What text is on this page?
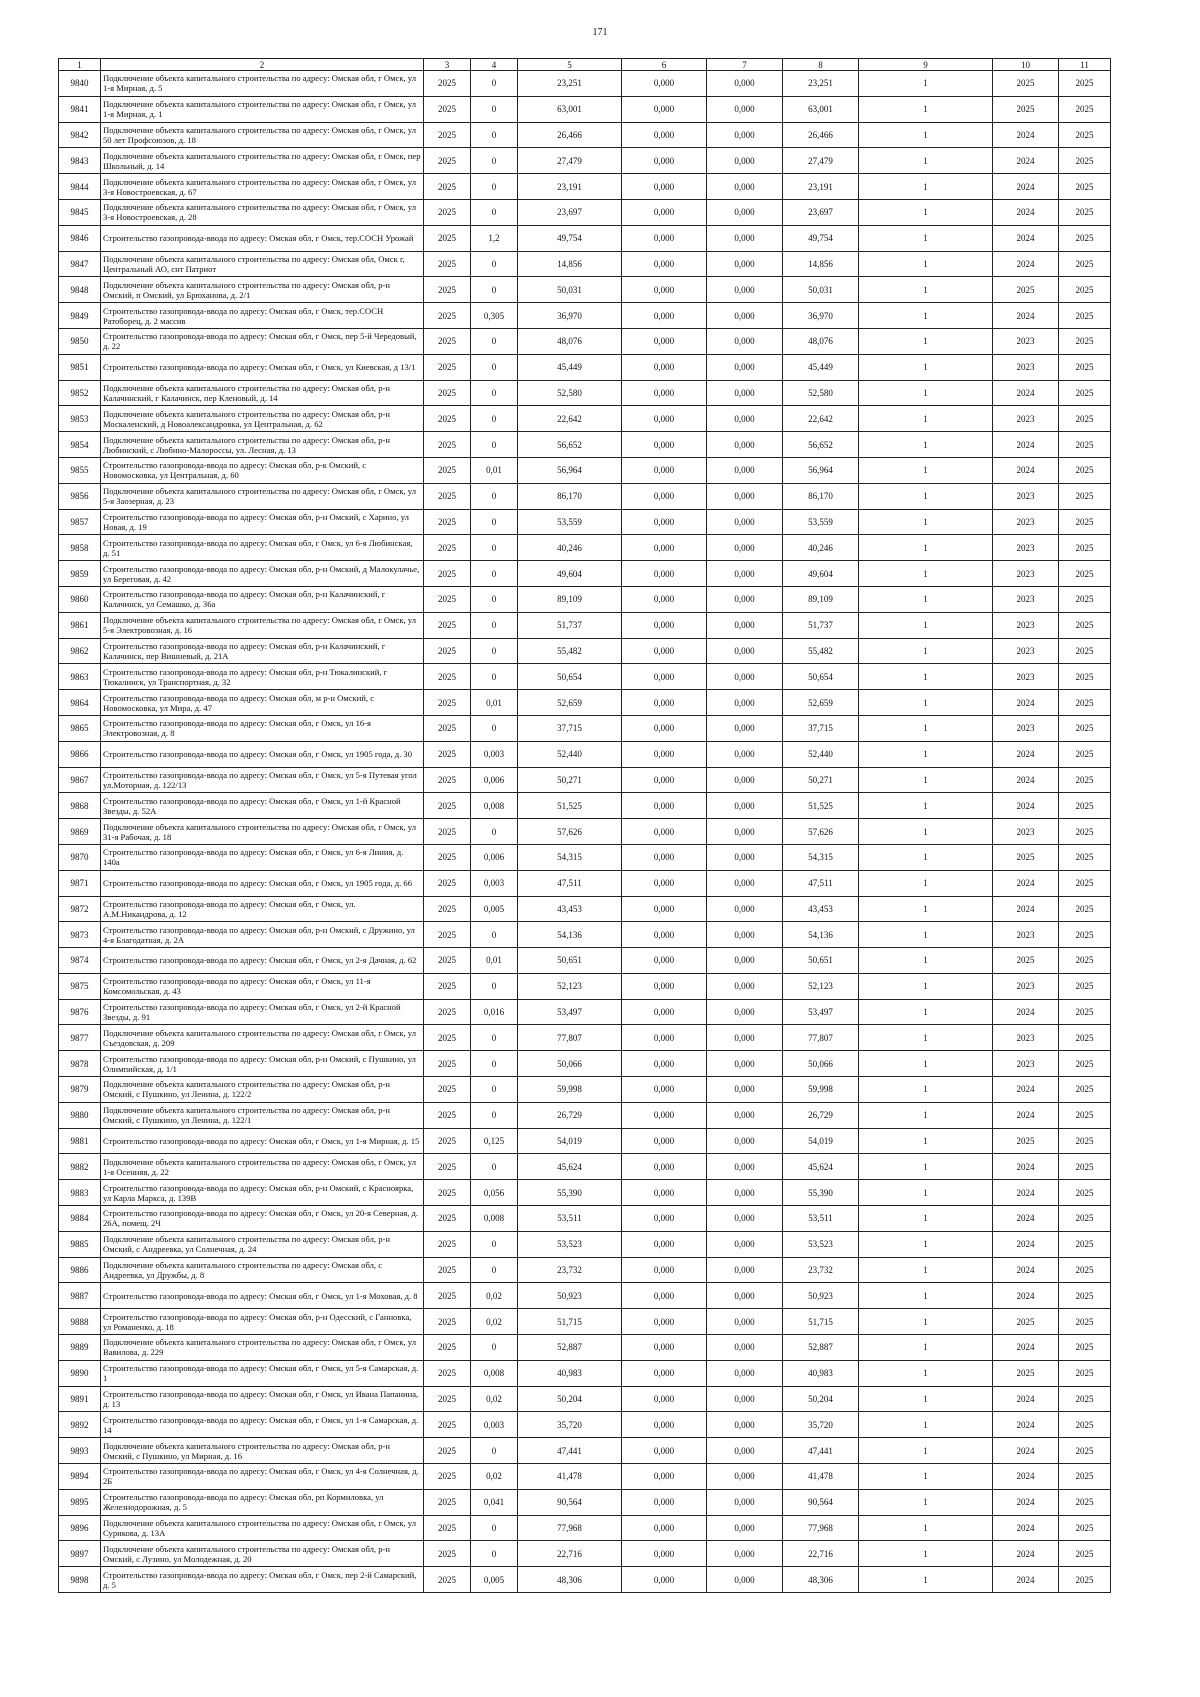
171
1	2	3	4	5	6	7	8	9	10	11
9840	Подключение объекта капитального строительства по адресу: Омская обл, г Омск, ул 1-я Мирная, д. 5	2025	0	23,251	0,000	0,000	23,251	1	2025	2025
9841	Подключение объекта капитального строительства по адресу: Омская обл, г Омск, ул 1-я Мирная, д. 1	2025	0	63,001	0,000	0,000	63,001	1	2025	2025
9842	Подключение объекта капитального строительства по адресу: Омская обл, г Омск, ул 50 лет Профсоюзов, д. 18	2025	0	26,466	0,000	0,000	26,466	1	2024	2025
9843	Подключение объекта капитального строительства по адресу: Омская обл, г Омск, пер Школьный, д. 14	2025	0	27,479	0,000	0,000	27,479	1	2024	2025
9844	Подключение объекта капитального строительства по адресу: Омская обл, г Омск, ул 3-я Новостроевская, д. 67	2025	0	23,191	0,000	0,000	23,191	1	2024	2025
9845	Подключение объекта капитального строительства по адресу: Омская обл, г Омск, ул 3-я Новостроевская, д. 28	2025	0	23,697	0,000	0,000	23,697	1	2024	2025
9846	Строительство газопровода-ввода по адресу: Омская обл, г Омск, тер.СОСН Урожай	2025	1,2	49,754	0,000	0,000	49,754	1	2024	2025
9847	Подключение объекта капитального строительства по адресу: Омская обл, Омск г, Центральный АО, снт Патриот	2025	0	14,856	0,000	0,000	14,856	1	2024	2025
9848	Подключение объекта капитального строительства по адресу: Омская обл, р-н Омский, п Омский, ул Брюханова, д. 2/1	2025	0	50,031	0,000	0,000	50,031	1	2025	2025
9849	Строительство газопровода-ввода по адресу: Омская обл, г Омск, тер.СОСН Ратоборец, д. 2 массив	2025	0,305	36,970	0,000	0,000	36,970	1	2024	2025
9850	Строительство газопровода-ввода по адресу: Омская обл, г Омск, пер 5-й Чередовый, д. 22	2025	0	48,076	0,000	0,000	48,076	1	2023	2025
9851	Строительство газопровода-ввода по адресу: Омская обл, г Омск, ул Киевская, д 13/1	2025	0	45,449	0,000	0,000	45,449	1	2023	2025
9852	Подключение объекта капитального строительства по адресу: Омская обл, р-н Калачинский, г Калачинск, пер Кленовый, д. 14	2025	0	52,580	0,000	0,000	52,580	1	2024	2025
9853	Подключение объекта капитального строительства по адресу: Омская обл, р-н Москаленский, д Новоалександровка, ул Центральная, д. 62	2025	0	22,642	0,000	0,000	22,642	1	2023	2025
9854	Подключение объекта капитального строительства по адресу: Омская обл, р-н Любинский, с Любино-Малороссы, ул. Лесная, д. 13	2025	0	56,652	0,000	0,000	56,652	1	2024	2025
9855	Строительство газопровода-ввода по адресу: Омская обл, р-к Омский, с Новомосковка, ул Центральная, д. 60	2025	0,01	56,964	0,000	0,000	56,964	1	2024	2025
9856	Подключение объекта капитального строительства по адресу: Омская обл, г Омск, ул 5-я Заозерная, д. 23	2025	0	86,170	0,000	0,000	86,170	1	2023	2025
9857	Строительство газопровода-ввода по адресу: Омская обл, р-н Омский, с Харино, ул Новая, д. 19	2025	0	53,559	0,000	0,000	53,559	1	2023	2025
9858	Строительство газопровода-ввода по адресу: Омская обл, г Омск, ул 6-я Любинская, д. 51	2025	0	40,246	0,000	0,000	40,246	1	2023	2025
9859	Строительство газопровода-ввода по адресу: Омская обл, р-н Омский, д Малокулачье, ул Береговая, д. 42	2025	0	49,604	0,000	0,000	49,604	1	2023	2025
9860	Строительство газопровода-ввода по адресу: Омская обл, р-н Калачинский, г Калачинск, ул Семашко, д. 36а	2025	0	89,109	0,000	0,000	89,109	1	2023	2025
9861	Подключение объекта капитального строительства по адресу: Омская обл, г Омск, ул 5-я Электровозная, д. 16	2025	0	51,737	0,000	0,000	51,737	1	2023	2025
9862	Строительство газопровода-ввода по адресу: Омская обл, р-н Калачинский, г Калачинск, пер Вишневый, д. 21А	2025	0	55,482	0,000	0,000	55,482	1	2023	2025
9863	Строительство газопровода-ввода по адресу: Омская обл, р-н Тюкалинский, г Тюкалинск, ул Транспортная, д. 32	2025	0	50,654	0,000	0,000	50,654	1	2023	2025
9864	Строительство газопровода-ввода по адресу: Омская обл, м р-н Омский, с Новомосковка, ул Мира, д. 47	2025	0,01	52,659	0,000	0,000	52,659	1	2024	2025
9865	Строительство газопровода-ввода по адресу: Омская обл, г Омск, ул 16-я Электровозная, д. 8	2025	0	37,715	0,000	0,000	37,715	1	2023	2025
9866	Строительство газопровода-ввода по адресу: Омская обл, г Омск, ул 1905 года, д. 30	2025	0,003	52,440	0,000	0,000	52,440	1	2024	2025
9867	Строительство газопровода-ввода по адресу: Омская обл, г Омск, ул 5-я Путевая угол ул.Моторная, д. 122/13	2025	0,006	50,271	0,000	0,000	50,271	1	2024	2025
9868	Строительство газопровода-ввода по адресу: Омская обл, г Омск, ул 1-й Красной Звезды, д. 52А	2025	0,008	51,525	0,000	0,000	51,525	1	2024	2025
9869	Подключение объекта капитального строительства по адресу: Омская обл, г Омск, ул 31-я Рабочая, д. 18	2025	0	57,626	0,000	0,000	57,626	1	2023	2025
9870	Строительство газопровода-ввода по адресу: Омская обл, г Омск, ул 6-я Линия, д. 140а	2025	0,006	54,315	0,000	0,000	54,315	1	2025	2025
9871	Строительство газопровода-ввода по адресу: Омская обл, г Омск, ул 1905 года, д. 66	2025	0,003	47,511	0,000	0,000	47,511	1	2024	2025
9872	Строительство газопровода-ввода по адресу: Омская обл, г Омск, ул. А.М.Никандрова, д. 12	2025	0,005	43,453	0,000	0,000	43,453	1	2024	2025
9873	Строительство газопровода-ввода по адресу: Омская обл, р-н Омский, с Дружино, ул 4-я Благодатная, д. 2А	2025	0	54,136	0,000	0,000	54,136	1	2023	2025
9874	Строительство газопровода-ввода по адресу: Омская обл, г Омск, ул 2-я Дачная, д. 62	2025	0,01	50,651	0,000	0,000	50,651	1	2025	2025
9875	Строительство газопровода-ввода по адресу: Омская обл, г Омск, ул 11-я Комсомольская, д. 43	2025	0	52,123	0,000	0,000	52,123	1	2023	2025
9876	Строительство газопровода-ввода по адресу: Омская обл, г Омск, ул 2-й Красной Звезды, д. 91	2025	0,016	53,497	0,000	0,000	53,497	1	2024	2025
9877	Подключение объекта капитального строительства по адресу: Омская обл, г Омск, ул Съездовская, д. 209	2025	0	77,807	0,000	0,000	77,807	1	2023	2025
9878	Строительство газопровода-ввода по адресу: Омская обл, р-н Омский, с Пушкино, ул Олимпийская, д. 1/1	2025	0	50,066	0,000	0,000	50,066	1	2023	2025
9879	Подключение объекта капитального строительства по адресу: Омская обл, р-н Омский, с Пушкино, ул Ленина, д. 122/2	2025	0	59,998	0,000	0,000	59,998	1	2024	2025
9880	Подключение объекта капитального строительства по адресу: Омская обл, р-н Омский, с Пушкино, ул Ленина, д. 122/1	2025	0	26,729	0,000	0,000	26,729	1	2024	2025
9881	Строительство газопровода-ввода по адресу: Омская обл, г Омск, ул 1-я Мирная, д. 15	2025	0,125	54,019	0,000	0,000	54,019	1	2025	2025
9882	Подключение объекта капитального строительства по адресу: Омская обл, г Омск, ул 1-я Осенняя, д. 22	2025	0	45,624	0,000	0,000	45,624	1	2024	2025
9883	Строительство газопровода-ввода по адресу: Омская обл, р-н Омский, с Красноярка, ул Карла Маркса, д. 139В	2025	0,056	55,390	0,000	0,000	55,390	1	2024	2025
9884	Строительство газопровода-ввода по адресу: Омская обл, г Омск, ул 20-я Северная, д. 26А, помещ. 2Ч	2025	0,008	53,511	0,000	0,000	53,511	1	2024	2025
9885	Подключение объекта капитального строительства по адресу: Омская обл, р-н Омский, с Андреевка, ул Солнечная, д. 24	2025	0	53,523	0,000	0,000	53,523	1	2024	2025
9886	Подключение объекта капитального строительства по адресу: Омская обл, с Андреевка, ул Дружбы, д. 8	2025	0	23,732	0,000	0,000	23,732	1	2024	2025
9887	Строительство газопровода-ввода по адресу: Омская обл, г Омск, ул 1-я Моховая, д. 8	2025	0,02	50,923	0,000	0,000	50,923	1	2024	2025
9888	Строительство газопровода-ввода по адресу: Омская обл, р-н Одесский, с Ганновка, ул Романенко, д. 18	2025	0,02	51,715	0,000	0,000	51,715	1	2025	2025
9889	Подключение объекта капитального строительства по адресу: Омская обл, г Омск, ул Вавилова, д. 229	2025	0	52,887	0,000	0,000	52,887	1	2024	2025
9890	Строительство газопровода-ввода по адресу: Омская обл, г Омск, ул 5-я Самарская, д. 1	2025	0,008	40,983	0,000	0,000	40,983	1	2025	2025
9891	Строительство газопровода-ввода по адресу: Омская обл, г Омск, ул Ивана Папанина, д. 13	2025	0,02	50,204	0,000	0,000	50,204	1	2024	2025
9892	Строительство газопровода-ввода по адресу: Омская обл, г Омск, ул 1-я Самарская, д. 14	2025	0,003	35,720	0,000	0,000	35,720	1	2024	2025
9893	Подключение объекта капитального строительства по адресу: Омская обл, р-н Омский, с Пушкино, ул Мирная, д. 16	2025	0	47,441	0,000	0,000	47,441	1	2024	2025
9894	Строительство газопровода-ввода по адресу: Омская обл, г Омск, ул 4-я Солнечная, д. 2Б	2025	0,02	41,478	0,000	0,000	41,478	1	2024	2025
9895	Строительство газопровода-ввода по адресу: Омская обл, рп Кормиловка, ул Железнодорожная, д. 5	2025	0,041	90,564	0,000	0,000	90,564	1	2024	2025
9896	Подключение объекта капитального строительства по адресу: Омская обл, г Омск, ул Сурикова, д. 13А	2025	0	77,968	0,000	0,000	77,968	1	2024	2025
9897	Подключение объекта капитального строительства по адресу: Омская обл, р-н Омский, с Лузино, ул Молодежная, д. 20	2025	0	22,716	0,000	0,000	22,716	1	2024	2025
9898	Строительство газопровода-ввода по адресу: Омская обл, г Омск, пер 2-й Самарский, д. 5	2025	0,005	48,306	0,000	0,000	48,306	1	2024	2025
